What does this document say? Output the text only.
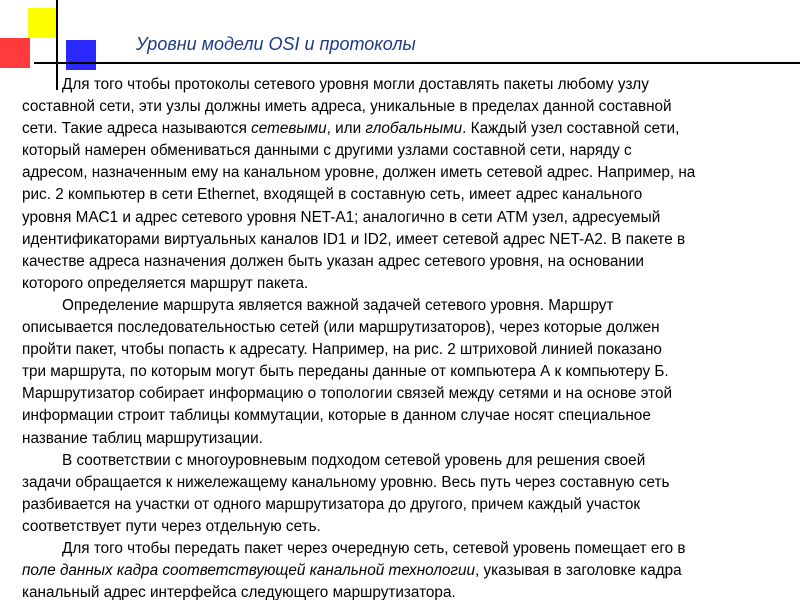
Уровни модели OSI и протоколы
Для того чтобы протоколы сетевого уровня могли доставлять пакеты любому узлу
составной сети, эти узлы должны иметь адреса, уникальные в пределах данной составной
сети. Такие адреса называются сетевыми, или глобальными. Каждый узел составной сети,
который намерен обмениваться данными с другими узлами составной сети, наряду с
адресом, назначенным ему на канальном уровне, должен иметь сетевой адрес. Например, на
рис. 2 компьютер в сети Ethernet, входящей в составную сеть, имеет адрес канального
уровня MAC1 и адрес сетевого уровня NET-A1; аналогично в сети ATM узел, адресуемый
идентификаторами виртуальных каналов ID1 и ID2, имеет сетевой адрес NET-A2. В пакете в
качестве адреса назначения должен быть указан адрес сетевого уровня, на основании
которого определяется маршрут пакета.
Определение маршрута является важной задачей сетевого уровня. Маршрут
описывается последовательностью сетей (или маршрутизаторов), через которые должен
пройти пакет, чтобы попасть к адресату. Например, на рис. 2 штриховой линией показано
три маршрута, по которым могут быть переданы данные от компьютера А к компьютеру Б.
Маршрутизатор собирает информацию о топологии связей между сетями и на основе этой
информации строит таблицы коммутации, которые в данном случае носят специальное
название таблиц маршрутизации.
В соответствии с многоуровневым подходом сетевой уровень для решения своей
задачи обращается к нижележащему канальному уровню. Весь путь через составную сеть
разбивается на участки от одного маршрутизатора до другого, причем каждый участок
соответствует пути через отдельную сеть.
Для того чтобы передать пакет через очередную сеть, сетевой уровень помещает его в
поле данных кадра соответствующей канальной технологии, указывая в заголовке кадра
канальный адрес интерфейса следующего маршрутизатора.
